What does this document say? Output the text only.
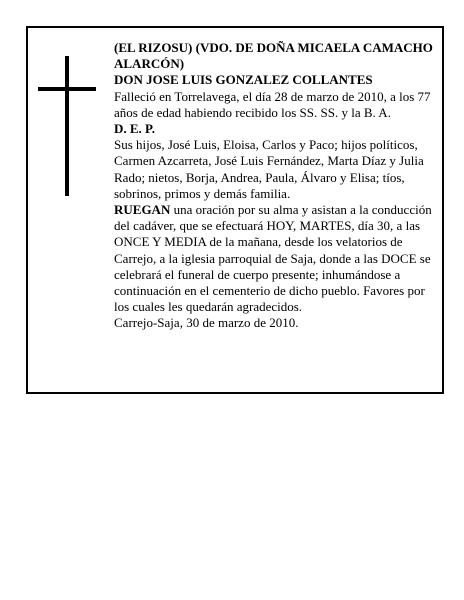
(EL RIZOSU) (VDO. DE DOÑA MICAELA CAMACHO ALARCÓN)

DON JOSE LUIS GONZALEZ COLLANTES

Falleció en Torrelavega, el día 28 de marzo de 2010, a los 77 años de edad habiendo recibido los SS. SS. y la B. A.

D. E. P.

Sus hijos, José Luis, Eloisa, Carlos y Paco; hijos políticos, Carmen Azcarreta, José Luis Fernández, Marta Díaz y Julia Rado; nietos, Borja, Andrea, Paula, Álvaro y Elisa; tíos, sobrinos, primos y demás familia.

RUEGAN una oración por su alma y asistan a la conducción del cadáver, que se efectuará HOY, MARTES, día 30, a las ONCE Y MEDIA de la mañana, desde los velatorios de Carrejo, a la iglesia parroquial de Saja, donde a las DOCE se celebrará el funeral de cuerpo presente; inhumándose a continuación en el cementerio de dicho pueblo. Favores por los cuales les quedarán agradecidos.

Carrejo-Saja, 30 de marzo de 2010.
